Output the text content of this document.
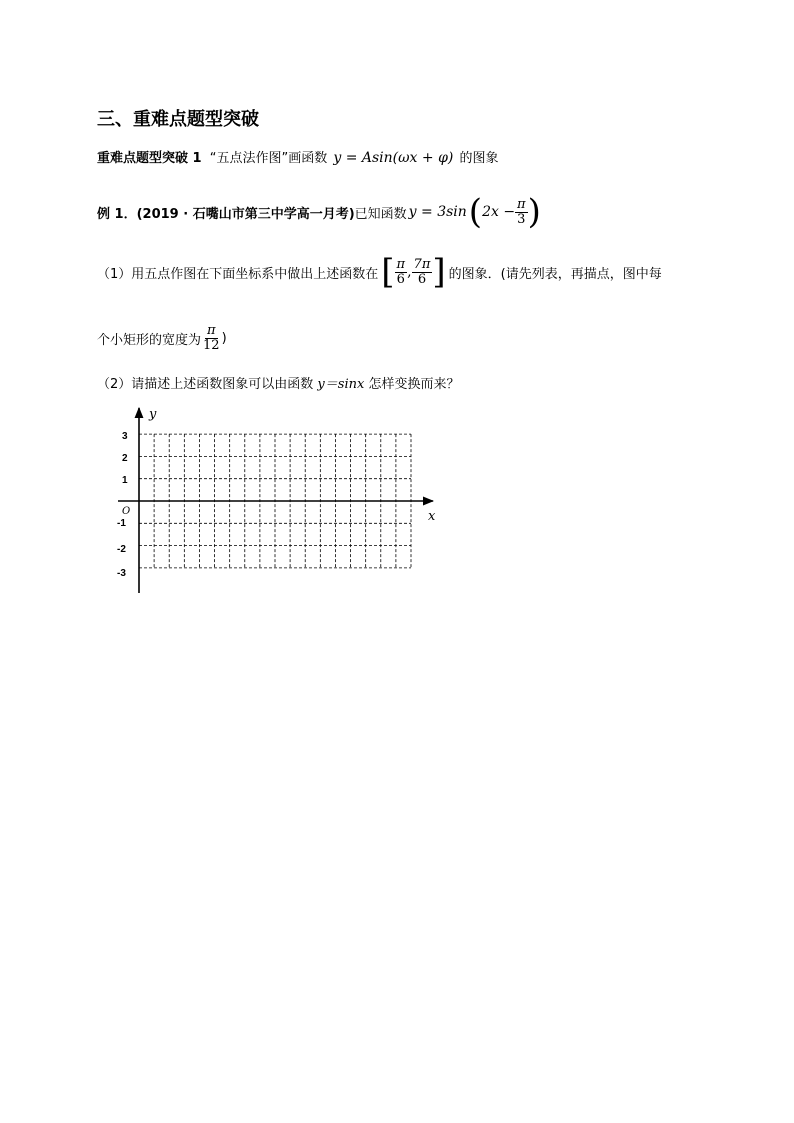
三、重难点题型突破
重难点题型突破 1 “五点法作图”画函数 y = Asin(ωx + φ) 的图象
例 1． (2019 · 石嘴山市第三中学高一月考) 已知函数 y = 3sin ( $2x - \frac{\pi}{3}$ )
（1）用五点作图在下面坐标系中做出上述函数在 [ $\frac{\pi}{6}$ , $\frac{7\pi}{6}$ ] 的图象．(请先列表，再描点，图中每
个小矩形的宽度为 $\frac{\pi}{12}$ )
（2）请描述上述函数图象可以由函数 y＝sinx 怎样变换而来？
y
x
O
3
2
1
-1
-2
-3
